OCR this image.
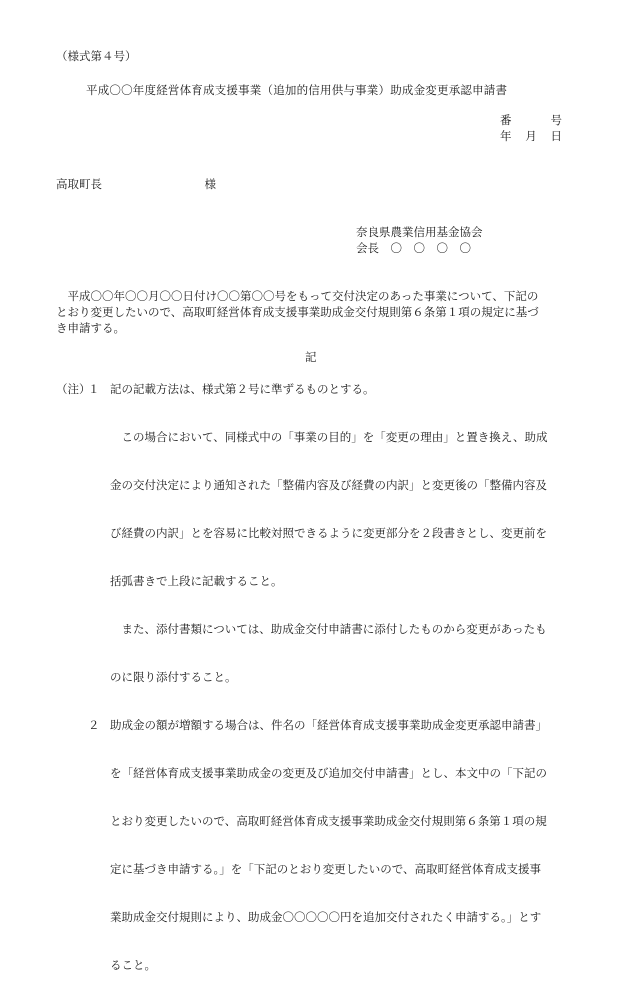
（様式第４号）
平成〇〇年度経営体育成支援事業（追加的信用供与事業）助成金変更承認申請書
番	号
年 月 日
高取町長	様
奈良県農業信用基金協会
会長　〇　〇　〇　〇

　平成〇〇年〇〇月〇〇日付け〇〇第〇〇号をもって交付決定のあった事業について、下記の

とおり変更したいので、高取町経営体育成支援事業助成金交付規則第６条第１項の規定に基づ

き申請する。

記
（注）
１ 記の記載方法は、様式第２号に準ずるものとする。

　この場合において、同様式中の「事業の目的」を「変更の理由」と置き換え、助成

金の交付決定により通知された「整備内容及び経費の内訳」と変更後の「整備内容及

び経費の内訳」とを容易に比較対照できるように変更部分を２段書きとし、変更前を

括弧書きで上段に記載すること。

　また、添付書類については、助成金交付申請書に添付したものから変更があったも

のに限り添付すること。

２ 助成金の額が増額する場合は、件名の「経営体育成支援事業助成金変更承認申請書」

を「経営体育成支援事業助成金の変更及び追加交付申請書」とし、本文中の「下記の

とおり変更したいので、高取町経営体育成支援事業助成金交付規則第６条第１項の規

定に基づき申請する。」を「下記のとおり変更したいので、高取町経営体育成支援事

業助成金交付規則により、助成金〇〇〇〇〇円を追加交付されたく申請する。」とす

ること。
